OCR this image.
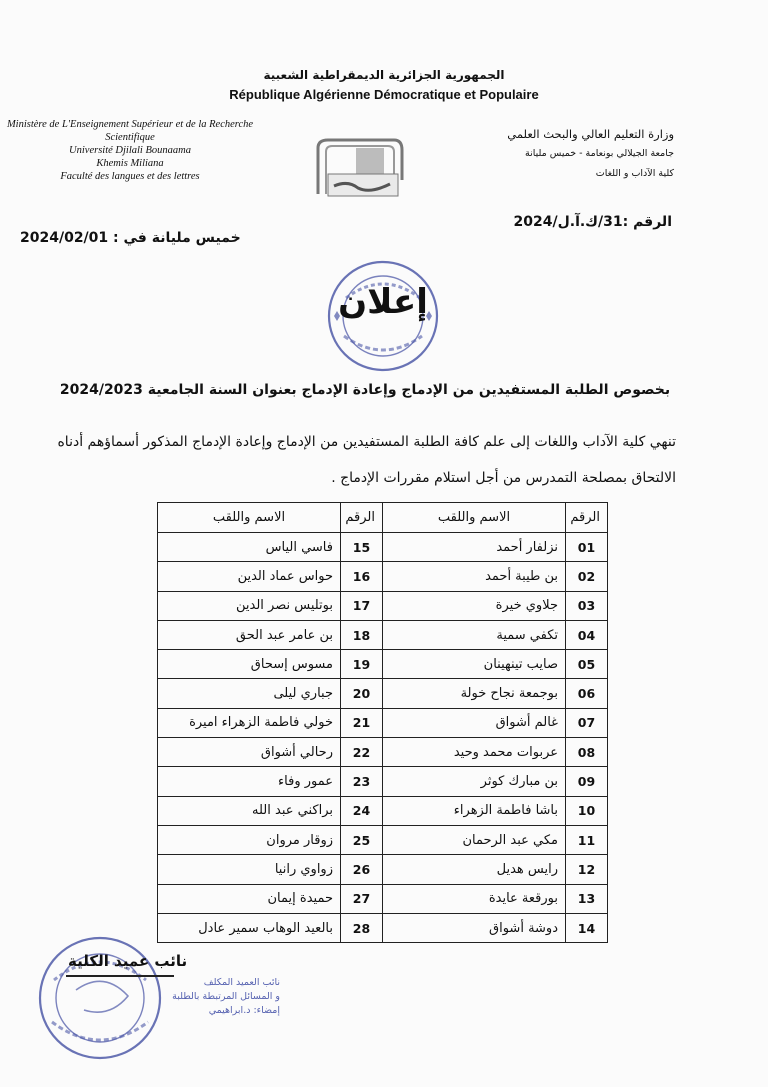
الجمهورية الجزائرية الديمقراطية الشعبية
République Algérienne Démocratique et Populaire
Ministère de L'Enseignement Supérieur et de la Recherche
Scientifique
Université Djilali Bounaama
Khemis Miliana
Faculté des langues et des lettres
وزارة التعليم العالي والبحث العلمي
جامعة الجيلالي بونعامة - خميس مليانة
كلية الآداب و اللغات
الرقم :31/ك.آ.ل/2024
خميس مليانة في : 2024/02/01
إعلان
بخصوص الطلبة المستفيدين من الإدماج وإعادة الإدماج بعنوان السنة الجامعية 2024/2023
تنهي كلية الآداب واللغات إلى علم كافة الطلبة المستفيدين من الإدماج وإعادة الإدماج المذكور أسماؤهم أدناه
الالتحاق بمصلحة التمدرس من أجل استلام مقررات الإدماج .
الرقم	الاسم واللقب	الرقم	الاسم واللقب
01	نزلفار أحمد	15	فاسي الياس
02	بن طيبة أحمد	16	حواس عماد الدين
03	جلاوي خيرة	17	بوتليس نصر الدين
04	تكفي سمية	18	بن عامر عبد الحق
05	صايب تينهينان	19	مسوس إسحاق
06	بوجمعة نجاح خولة	20	جباري ليلى
07	غالم أشواق	21	خولي فاطمة الزهراء اميرة
08	عربوات محمد وحيد	22	رحالي أشواق
09	بن مبارك كوثر	23	عمور وفاء
10	باشا فاطمة الزهراء	24	براكني عبد الله
11	مكي عبد الرحمان	25	زوقار مروان
12	رايس هديل	26	زواوي رانيا
13	بورقعة عايدة	27	حميدة إيمان
14	دوشة أشواق	28	بالعيد الوهاب سمير عادل
نائب عميد الكلية
نائب العميد المكلف
و المسائل المرتبطة بالطلبة
إمضاء: د.ابراهيمي
